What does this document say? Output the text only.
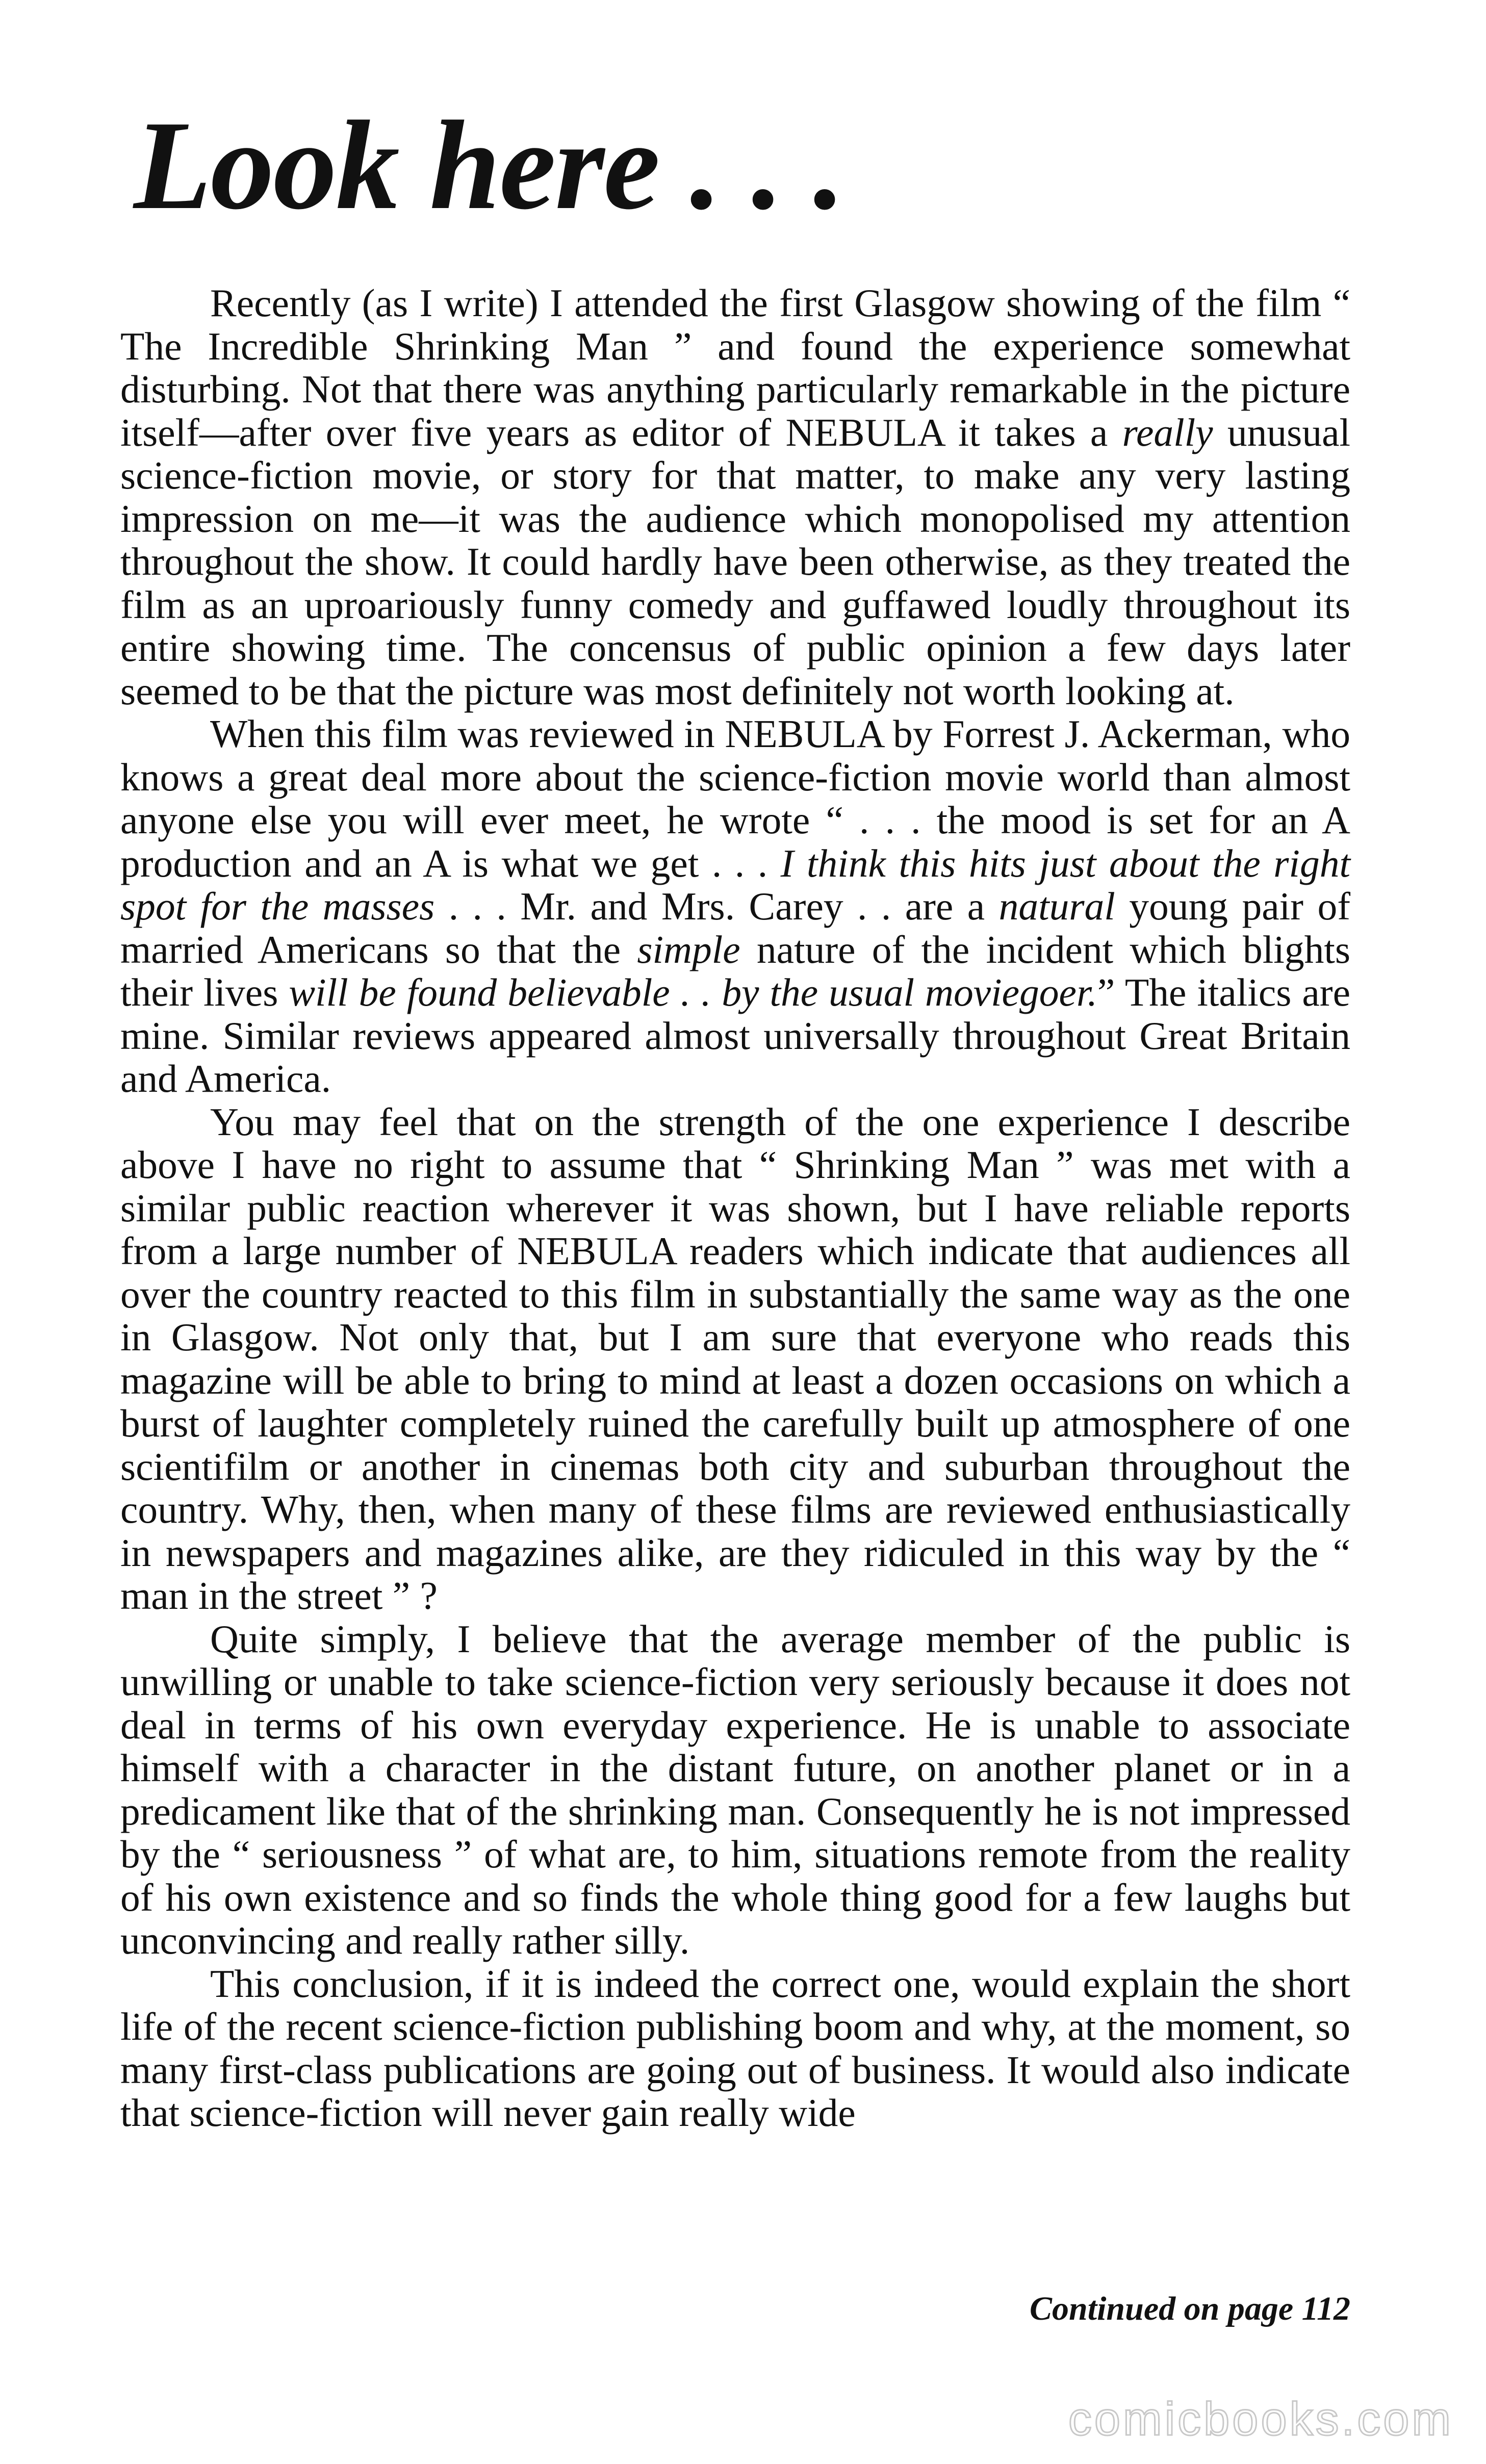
Look here . . .

Recently (as I write) I attended the first Glasgow showing of the film “ The Incredible Shrinking Man ” and found the experience somewhat disturbing. Not that there was anything particularly remarkable in the picture itself—after over five years as editor of NEBULA it takes a really unusual science-fiction movie, or story for that matter, to make any very lasting impression on me—it was the audience which monopolised my attention throughout the show. It could hardly have been otherwise, as they treated the film as an uproariously funny comedy and guffawed loudly throughout its entire showing time. The concensus of public opinion a few days later seemed to be that the picture was most definitely not worth looking at.

When this film was reviewed in NEBULA by Forrest J. Ackerman, who knows a great deal more about the science-fiction movie world than almost anyone else you will ever meet, he wrote “ . . . the mood is set for an A production and an A is what we get . . . I think this hits just about the right spot for the masses . . . Mr. and Mrs. Carey . . are a natural young pair of married Americans so that the simple nature of the incident which blights their lives will be found believable . . by the usual moviegoer.” The italics are mine. Similar reviews appeared almost universally throughout Great Britain and America.

You may feel that on the strength of the one experience I describe above I have no right to assume that “ Shrinking Man ” was met with a similar public reaction wherever it was shown, but I have reliable reports from a large number of NEBULA readers which indicate that audiences all over the country reacted to this film in substantially the same way as the one in Glasgow. Not only that, but I am sure that everyone who reads this magazine will be able to bring to mind at least a dozen occasions on which a burst of laughter completely ruined the carefully built up atmosphere of one scientifilm or another in cinemas both city and suburban throughout the country. Why, then, when many of these films are reviewed enthusiastically in newspapers and magazines alike, are they ridiculed in this way by the “ man in the street ” ?

Quite simply, I believe that the average member of the public is unwilling or unable to take science-fiction very seriously because it does not deal in terms of his own everyday experience. He is unable to associate himself with a character in the distant future, on another planet or in a predicament like that of the shrinking man. Consequently he is not impressed by the “ seriousness ” of what are, to him, situations remote from the reality of his own existence and so finds the whole thing good for a few laughs but unconvincing and really rather silly.

This conclusion, if it is indeed the correct one, would explain the short life of the recent science-fiction publishing boom and why, at the moment, so many first-class publications are going out of business. It would also indicate that science-fiction will never gain really wide

Continued on page 112
comicbooks.com
